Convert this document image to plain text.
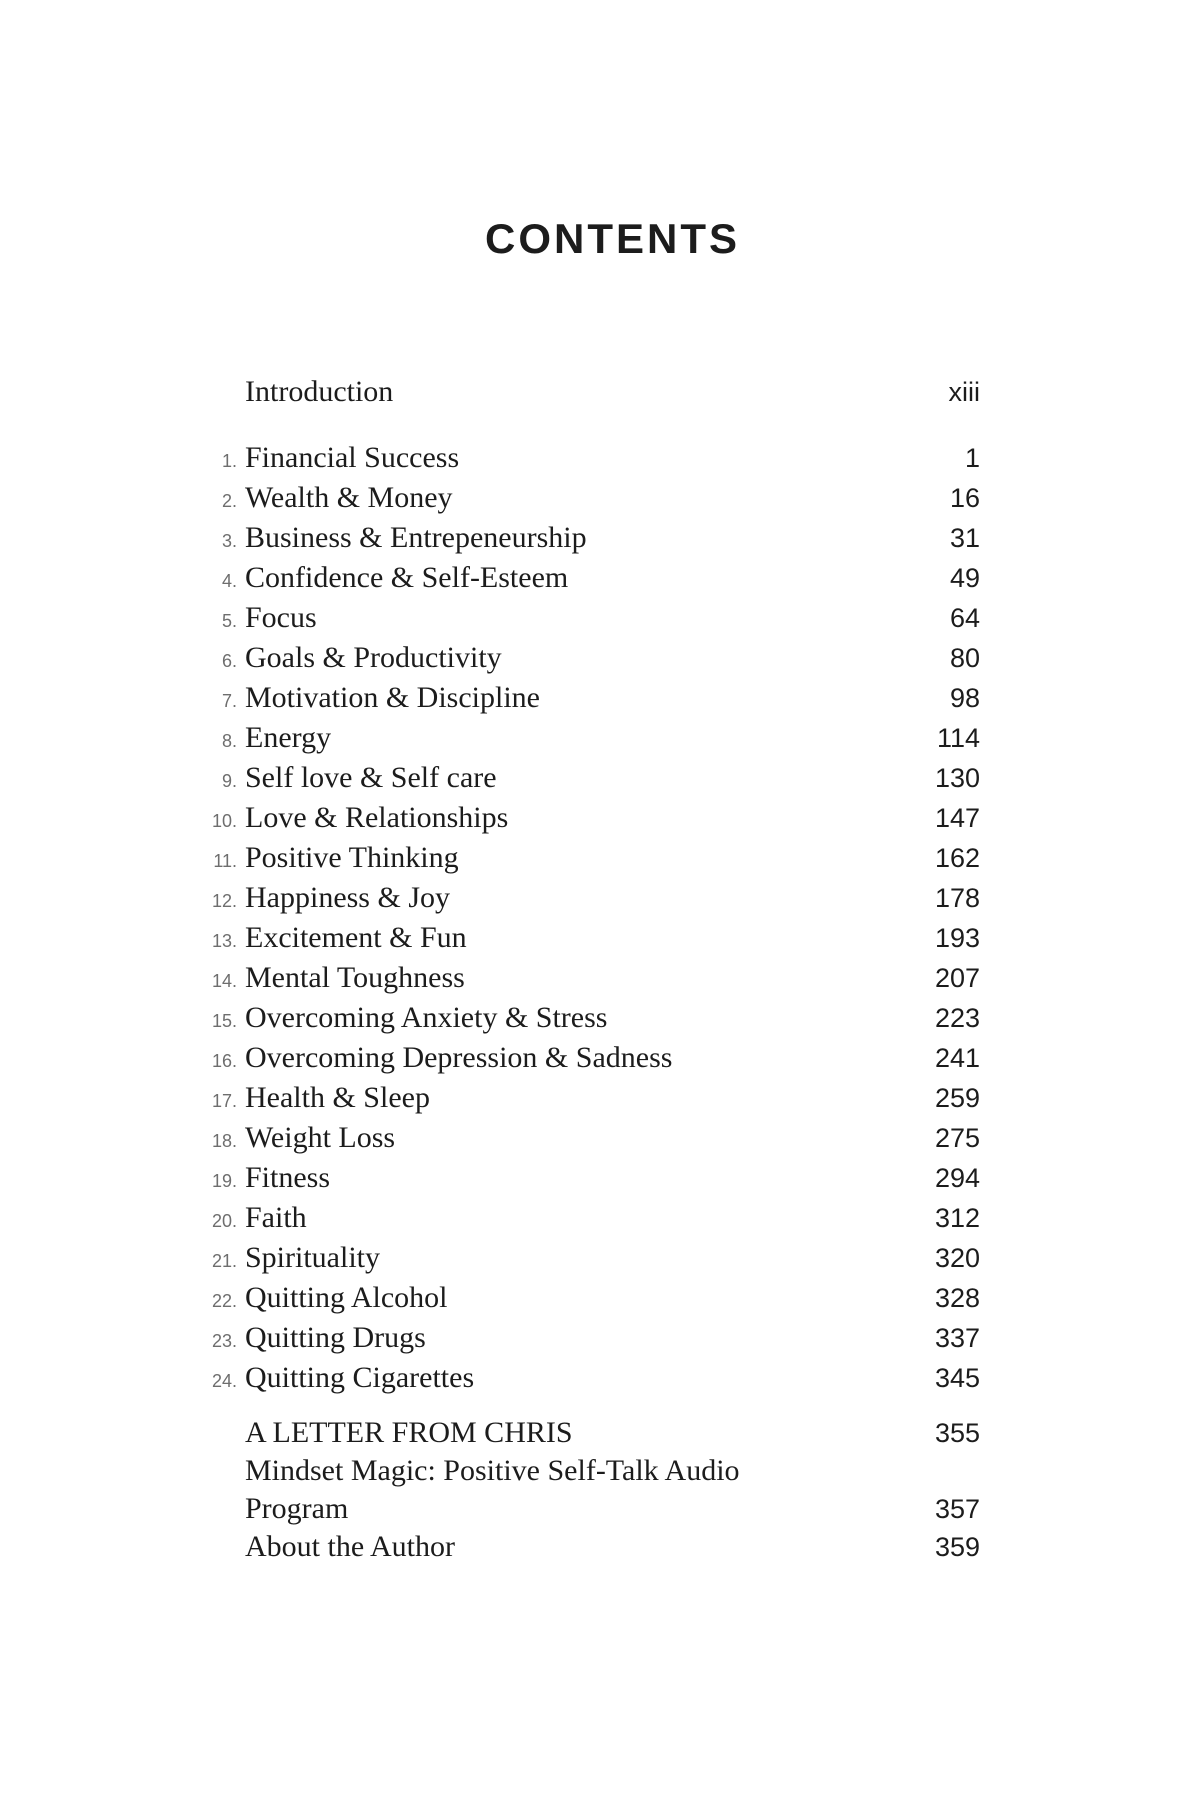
CONTENTS
Introduction	xiii
1. Financial Success	1
2. Wealth & Money	16
3. Business & Entrepeneurship	31
4. Confidence & Self-Esteem	49
5. Focus	64
6. Goals & Productivity	80
7. Motivation & Discipline	98
8. Energy	114
9. Self love & Self care	130
10. Love & Relationships	147
11. Positive Thinking	162
12. Happiness & Joy	178
13. Excitement & Fun	193
14. Mental Toughness	207
15. Overcoming Anxiety & Stress	223
16. Overcoming Depression & Sadness	241
17. Health & Sleep	259
18. Weight Loss	275
19. Fitness	294
20. Faith	312
21. Spirituality	320
22. Quitting Alcohol	328
23. Quitting Drugs	337
24. Quitting Cigarettes	345
A LETTER FROM CHRIS	355
Mindset Magic: Positive Self-Talk Audio Program	357
About the Author	359
